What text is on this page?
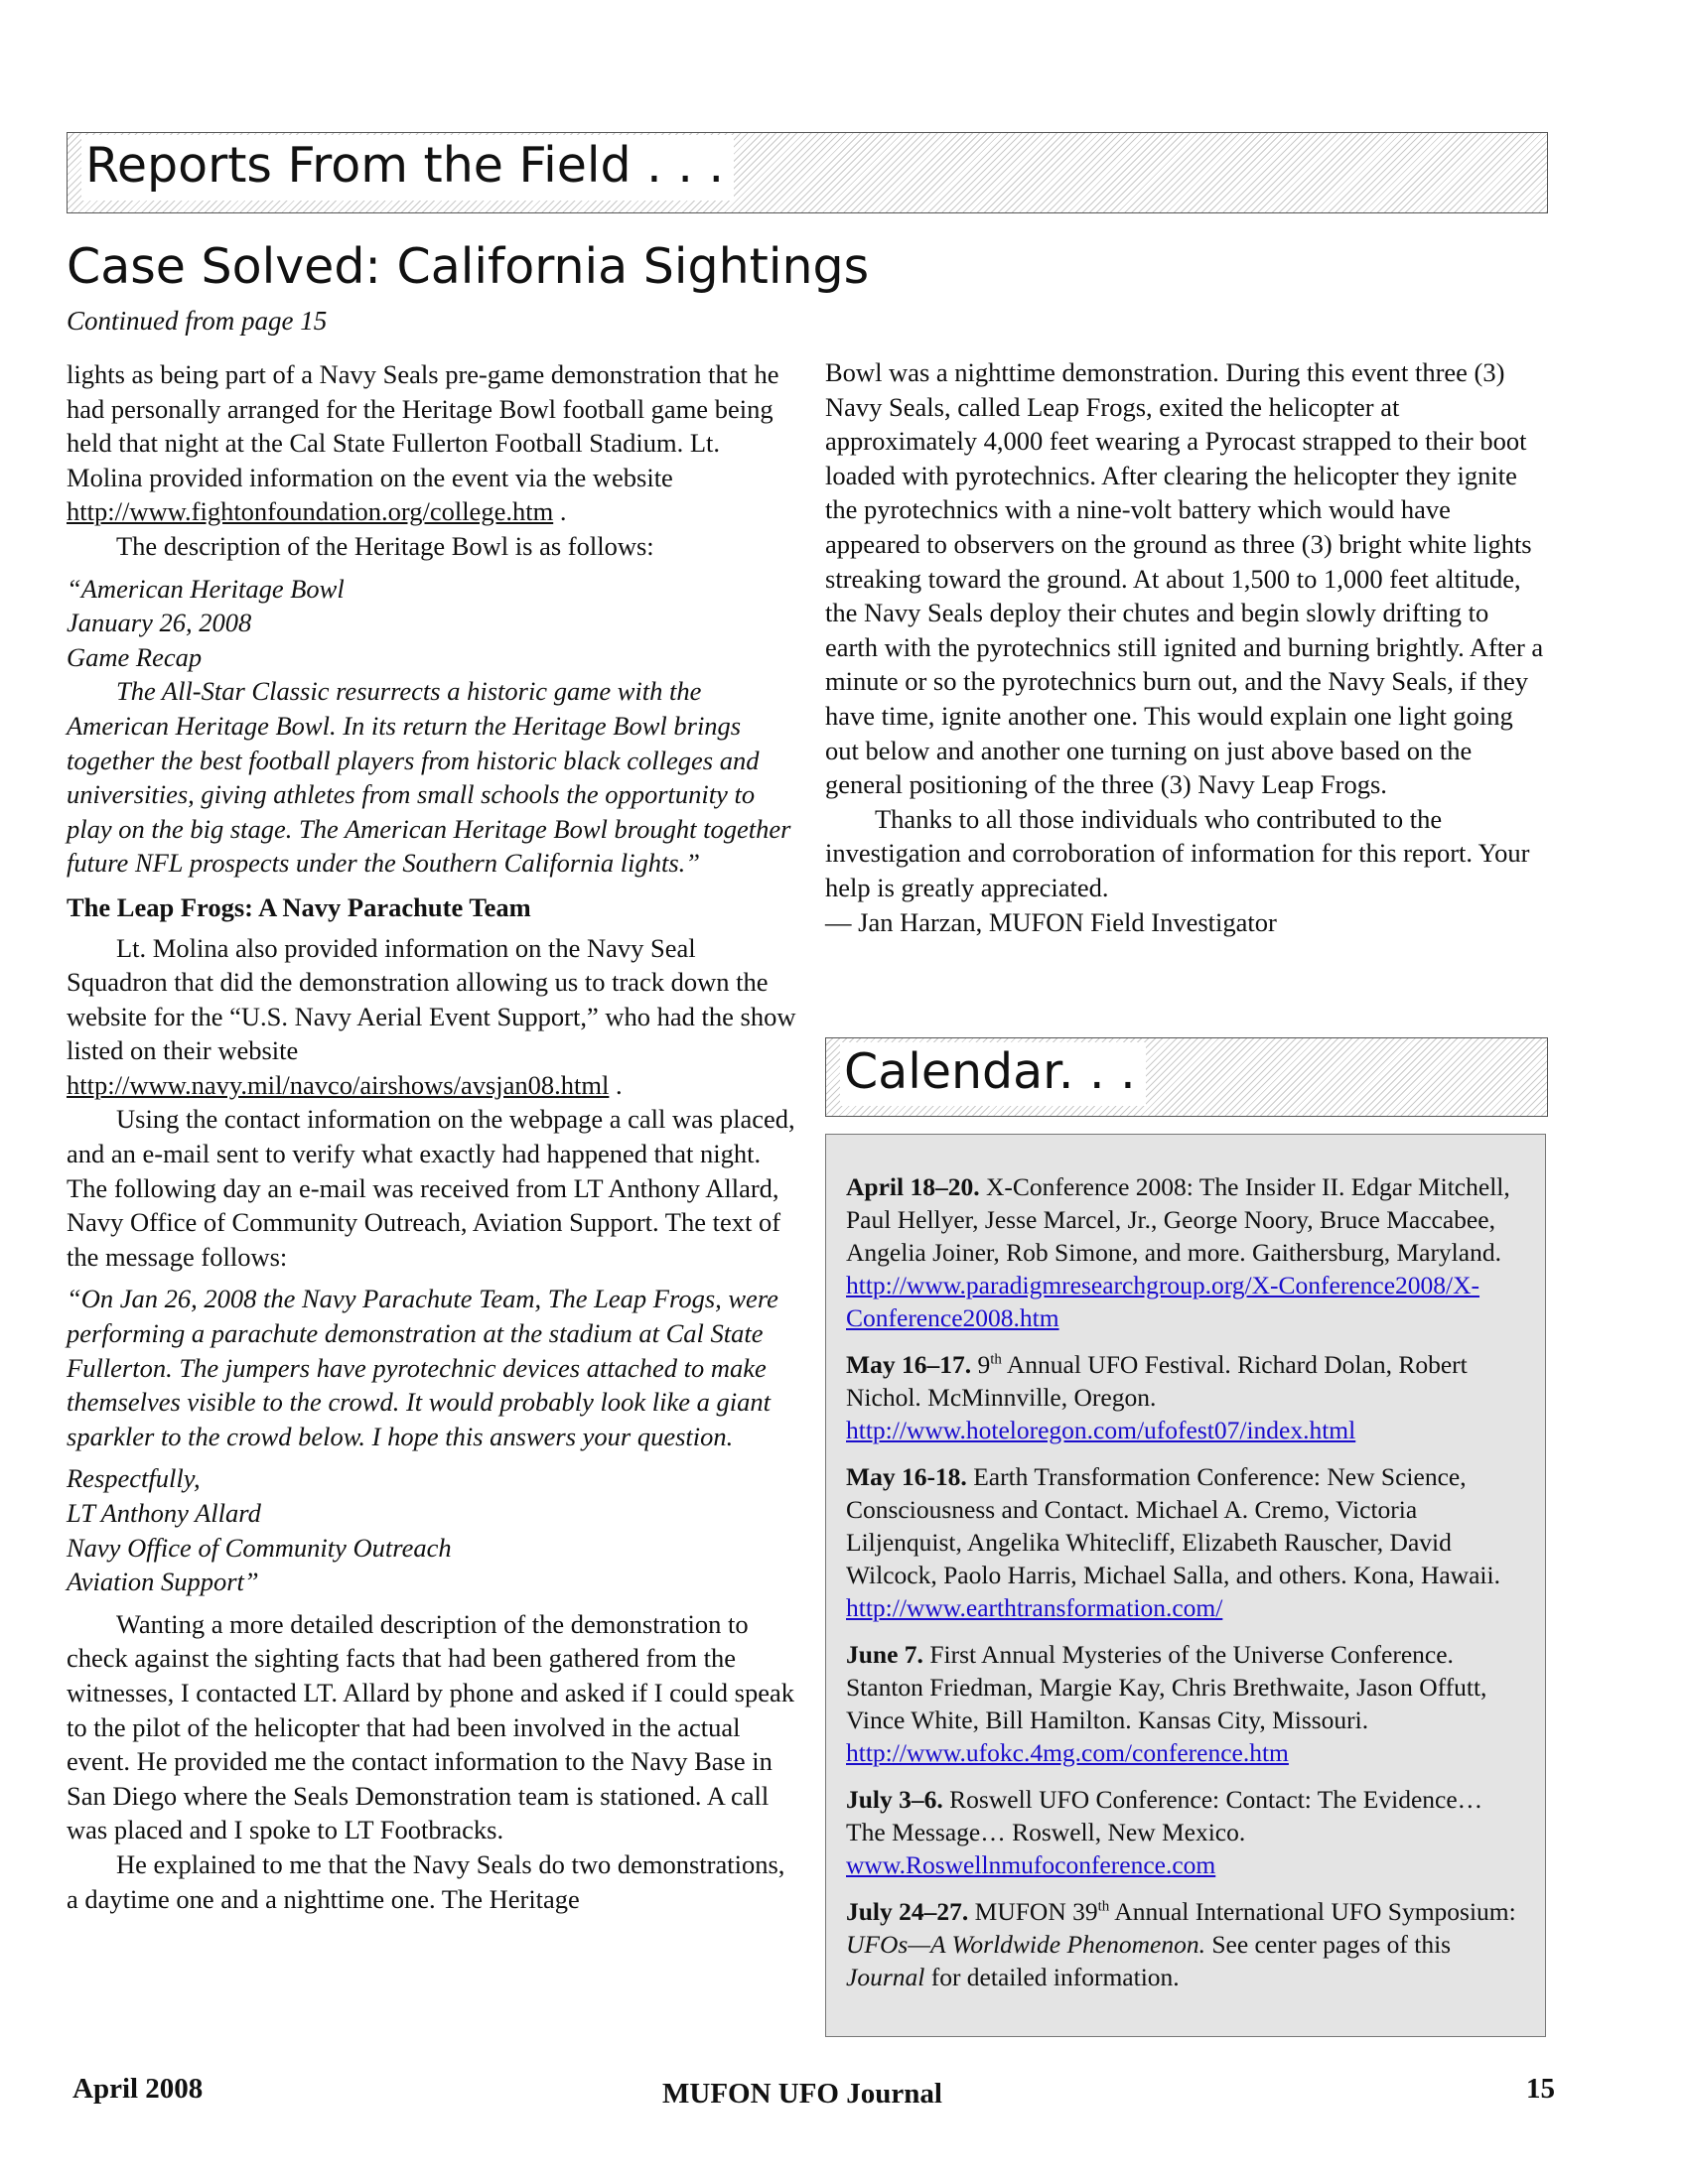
Reports From the Field . . .
Case Solved: California Sightings
Continued from page 15

lights as being part of a Navy Seals pre-game demonstration that he had personally arranged for the Heritage Bowl football game being held that night at the Cal State Fullerton Football Stadium. Lt. Molina provided information on the event via the website http://www.fightonfoundation.org/college.htm .

The description of the Heritage Bowl is as follows:

“American Heritage Bowl

January 26, 2008

Game Recap

The All-Star Classic resurrects a historic game with the American Heritage Bowl. In its return the Heritage Bowl brings together the best football players from historic black colleges and universities, giving athletes from small schools the opportunity to play on the big stage. The American Heritage Bowl brought together future NFL prospects under the Southern California lights.”

The Leap Frogs: A Navy Parachute Team

Lt. Molina also provided information on the Navy Seal Squadron that did the demonstration allowing us to track down the website for the “U.S. Navy Aerial Event Support,” who had the show listed on their website http://www.navy.mil/navco/airshows/avsjan08.html .

Using the contact information on the webpage a call was placed, and an e-mail sent to verify what exactly had happened that night. The following day an e-mail was received from LT Anthony Allard, Navy Office of Community Outreach, Aviation Support. The text of the message follows:

“On Jan 26, 2008 the Navy Parachute Team, The Leap Frogs, were performing a parachute demonstration at the stadium at Cal State Fullerton. The jumpers have pyrotechnic devices attached to make themselves visible to the crowd. It would probably look like a giant sparkler to the crowd below. I hope this answers your question.

Respectfully,

LT Anthony Allard

Navy Office of Community Outreach

Aviation Support”

Wanting a more detailed description of the demonstration to check against the sighting facts that had been gathered from the witnesses, I contacted LT. Allard by phone and asked if I could speak to the pilot of the helicopter that had been involved in the actual event. He provided me the contact information to the Navy Base in San Diego where the Seals Demonstration team is stationed. A call was placed and I spoke to LT Footbracks.

He explained to me that the Navy Seals do two demonstrations, a daytime one and a nighttime one. The Heritage

Bowl was a nighttime demonstration. During this event three (3) Navy Seals, called Leap Frogs, exited the helicopter at approximately 4,000 feet wearing a Pyrocast strapped to their boot loaded with pyrotechnics. After clearing the helicopter they ignite the pyrotechnics with a nine-volt battery which would have appeared to observers on the ground as three (3) bright white lights streaking toward the ground. At about 1,500 to 1,000 feet altitude, the Navy Seals deploy their chutes and begin slowly drifting to earth with the pyrotechnics still ignited and burning brightly. After a minute or so the pyrotechnics burn out, and the Navy Seals, if they have time, ignite another one. This would explain one light going out below and another one turning on just above based on the general positioning of the three (3) Navy Leap Frogs.

Thanks to all those individuals who contributed to the investigation and corroboration of information for this report. Your help is greatly appreciated.

— Jan Harzan, MUFON Field Investigator

Calendar. . .

April 18–20. X-Conference 2008: The Insider II. Edgar Mitchell, Paul Hellyer, Jesse Marcel, Jr., George Noory, Bruce Maccabee, Angelia Joiner, Rob Simone, and more. Gaithersburg, Maryland. http://www.paradigmresearchgroup.org/X-Conference2008/X-Conference2008.htm

May 16–17. 9th Annual UFO Festival. Richard Dolan, Robert Nichol. McMinnville, Oregon. http://www.hoteloregon.com/ufofest07/index.html

May 16-18. Earth Transformation Conference: New Science, Consciousness and Contact. Michael A. Cremo, Victoria Liljenquist, Angelika Whitecliff, Elizabeth Rauscher, David Wilcock, Paolo Harris, Michael Salla, and others. Kona, Hawaii. http://www.earthtransformation.com/

June 7. First Annual Mysteries of the Universe Conference. Stanton Friedman, Margie Kay, Chris Brethwaite, Jason Offutt, Vince White, Bill Hamilton. Kansas City, Missouri. http://www.ufokc.4mg.com/conference.htm

July 3–6. Roswell UFO Conference: Contact: The Evidence… The Message… Roswell, New Mexico. www.Roswellnmufoconference.com

July 24–27. MUFON 39th Annual International UFO Symposium: UFOs—A Worldwide Phenomenon. See center pages of this Journal for detailed information.

April 2008	MUFON UFO Journal	15
